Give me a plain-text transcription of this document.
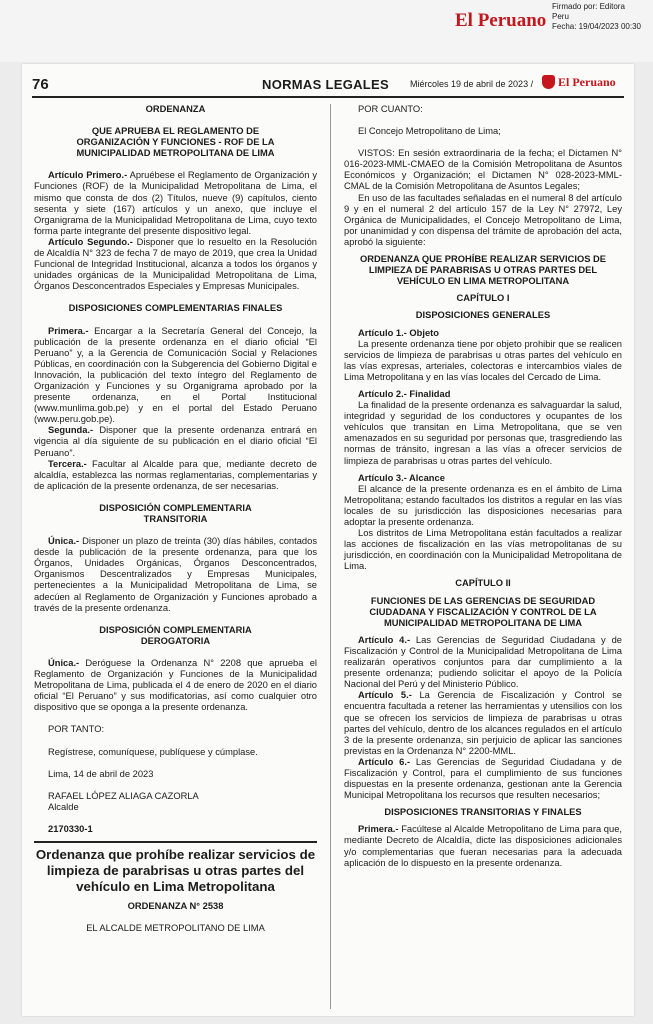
El Peruano
Firmado por: Editora
Peru
Fecha: 19/04/2023 00:30
76	NORMAS LEGALES Miércoles 19 de abril de 2023 /	El Peruano

ORDENANZA

QUE APRUEBA EL REGLAMENTO DE ORGANIZACIÓN Y FUNCIONES - ROF DE LA MUNICIPALIDAD METROPOLITANA DE LIMA

Artículo Primero.- Apruébese el Reglamento de Organización y Funciones (ROF) de la Municipalidad Metropolitana de Lima, el mismo que consta de dos (2) Títulos, nueve (9) capítulos, ciento sesenta y siete (167) artículos y un anexo, que incluye el Organigrama de la Municipalidad Metropolitana de Lima, cuyo texto forma parte integrante del presente dispositivo legal.

Artículo Segundo.- Disponer que lo resuelto en la Resolución de Alcaldía N° 323 de fecha 7 de mayo de 2019, que crea la Unidad Funcional de Integridad Institucional, alcanza a todos los órganos y unidades orgánicas de la Municipalidad Metropolitana de Lima, Órganos Desconcentrados Especiales y Empresas Municipales.

DISPOSICIONES COMPLEMENTARIAS FINALES

Primera.- Encargar a la Secretaría General del Concejo, la publicación de la presente ordenanza en el diario oficial “El Peruano” y, a la Gerencia de Comunicación Social y Relaciones Públicas, en coordinación con la Subgerencia del Gobierno Digital e Innovación, la publicación del texto íntegro del Reglamento de Organización y Funciones y su Organigrama aprobado por la presente ordenanza, en el Portal Institucional (www.munlima.gob.pe) y en el portal del Estado Peruano (www.peru.gob.pe).

Segunda.- Disponer que la presente ordenanza entrará en vigencia al día siguiente de su publicación en el diario oficial “El Peruano”.

Tercera.- Facultar al Alcalde para que, mediante decreto de alcaldía, establezca las normas reglamentarias, complementarias y de aplicación de la presente ordenanza, de ser necesarias.

DISPOSICIÓN COMPLEMENTARIA TRANSITORIA

Única.- Disponer un plazo de treinta (30) días hábiles, contados desde la publicación de la presente ordenanza, para que los Órganos, Unidades Orgánicas, Órganos Desconcentrados, Organismos Descentralizados y Empresas Municipales, pertenecientes a la Municipalidad Metropolitana de Lima, se adecúen al Reglamento de Organización y Funciones aprobado a través de la presente ordenanza.

DISPOSICIÓN COMPLEMENTARIA DEROGATORIA

Única.- Deróguese la Ordenanza N° 2208 que aprueba el Reglamento de Organización y Funciones de la Municipalidad Metropolitana de Lima, publicada el 4 de enero de 2020 en el diario oficial “El Peruano” y sus modificatorias, así como cualquier otro dispositivo que se oponga a la presente ordenanza.

POR TANTO:

Regístrese, comuníquese, publíquese y cúmplase.

Lima, 14 de abril de 2023

RAFAEL LÓPEZ ALIAGA CAZORLA

Alcalde

2170330-1

Ordenanza que prohíbe realizar servicios de limpieza de parabrisas u otras partes del vehículo en Lima Metropolitana

ORDENANZA N° 2538

EL ALCALDE METROPOLITANO DE LIMA

POR CUANTO:

El Concejo Metropolitano de Lima;

VISTOS: En sesión extraordinaria de la fecha; el Dictamen N° 016-2023-MML-CMAEO de la Comisión Metropolitana de Asuntos Económicos y Organización; el Dictamen N° 028-2023-MML-CMAL de la Comisión Metropolitana de Asuntos Legales;

En uso de las facultades señaladas en el numeral 8 del artículo 9 y en el numeral 2 del artículo 157 de la Ley N° 27972, Ley Orgánica de Municipalidades, el Concejo Metropolitano de Lima, por unanimidad y con dispensa del trámite de aprobación del acta, aprobó la siguiente:

ORDENANZA QUE PROHÍBE REALIZAR SERVICIOS DE LIMPIEZA DE PARABRISAS U OTRAS PARTES DEL VEHÍCULO EN LIMA METROPOLITANA

CAPÍTULO I

DISPOSICIONES GENERALES

Artículo 1.- Objeto

La presente ordenanza tiene por objeto prohibir que se realicen servicios de limpieza de parabrisas u otras partes del vehículo en las vías expresas, arteriales, colectoras e intercambios viales de Lima Metropolitana y en las vías locales del Cercado de Lima.

Artículo 2.- Finalidad

La finalidad de la presente ordenanza es salvaguardar la salud, integridad y seguridad de los conductores y ocupantes de los vehículos que transitan en Lima Metropolitana, que se ven amenazados en su seguridad por personas que, trasgrediendo las normas de tránsito, ingresan a las vías a ofrecer servicios de limpieza de parabrisas u otras partes del vehículo.

Artículo 3.- Alcance

El alcance de la presente ordenanza es en el ámbito de Lima Metropolitana; estando facultados los distritos a regular en las vías locales de su jurisdicción las disposiciones necesarias para adoptar la presente ordenanza.

Los distritos de Lima Metropolitana están facultados a realizar las acciones de fiscalización en las vías metropolitanas de su jurisdicción, en coordinación con la Municipalidad Metropolitana de Lima.

CAPÍTULO II

FUNCIONES DE LAS GERENCIAS DE SEGURIDAD CIUDADANA Y FISCALIZACIÓN Y CONTROL DE LA MUNICIPALIDAD METROPOLITANA DE LIMA

Artículo 4.- Las Gerencias de Seguridad Ciudadana y de Fiscalización y Control de la Municipalidad Metropolitana de Lima realizarán operativos conjuntos para dar cumplimiento a la presente ordenanza; pudiendo solicitar el apoyo de la Policía Nacional del Perú y del Ministerio Público.

Artículo 5.- La Gerencia de Fiscalización y Control se encuentra facultada a retener las herramientas y utensilios con los que se ofrecen los servicios de limpieza de parabrisas u otras partes del vehículo, dentro de los alcances regulados en el artículo 3 de la presente ordenanza, sin perjuicio de aplicar las sanciones previstas en la Ordenanza N° 2200-MML.

Artículo 6.- Las Gerencias de Seguridad Ciudadana y de Fiscalización y Control, para el cumplimiento de sus funciones dispuestas en la presente ordenanza, gestionan ante la Gerencia Municipal Metropolitana los recursos que resulten necesarios;

DISPOSICIONES TRANSITORIAS Y FINALES

Primera.- Facúltese al Alcalde Metropolitano de Lima para que, mediante Decreto de Alcaldía, dicte las disposiciones adicionales y/o complementarias que fueran necesarias para la adecuada aplicación de lo dispuesto en la presente ordenanza.
